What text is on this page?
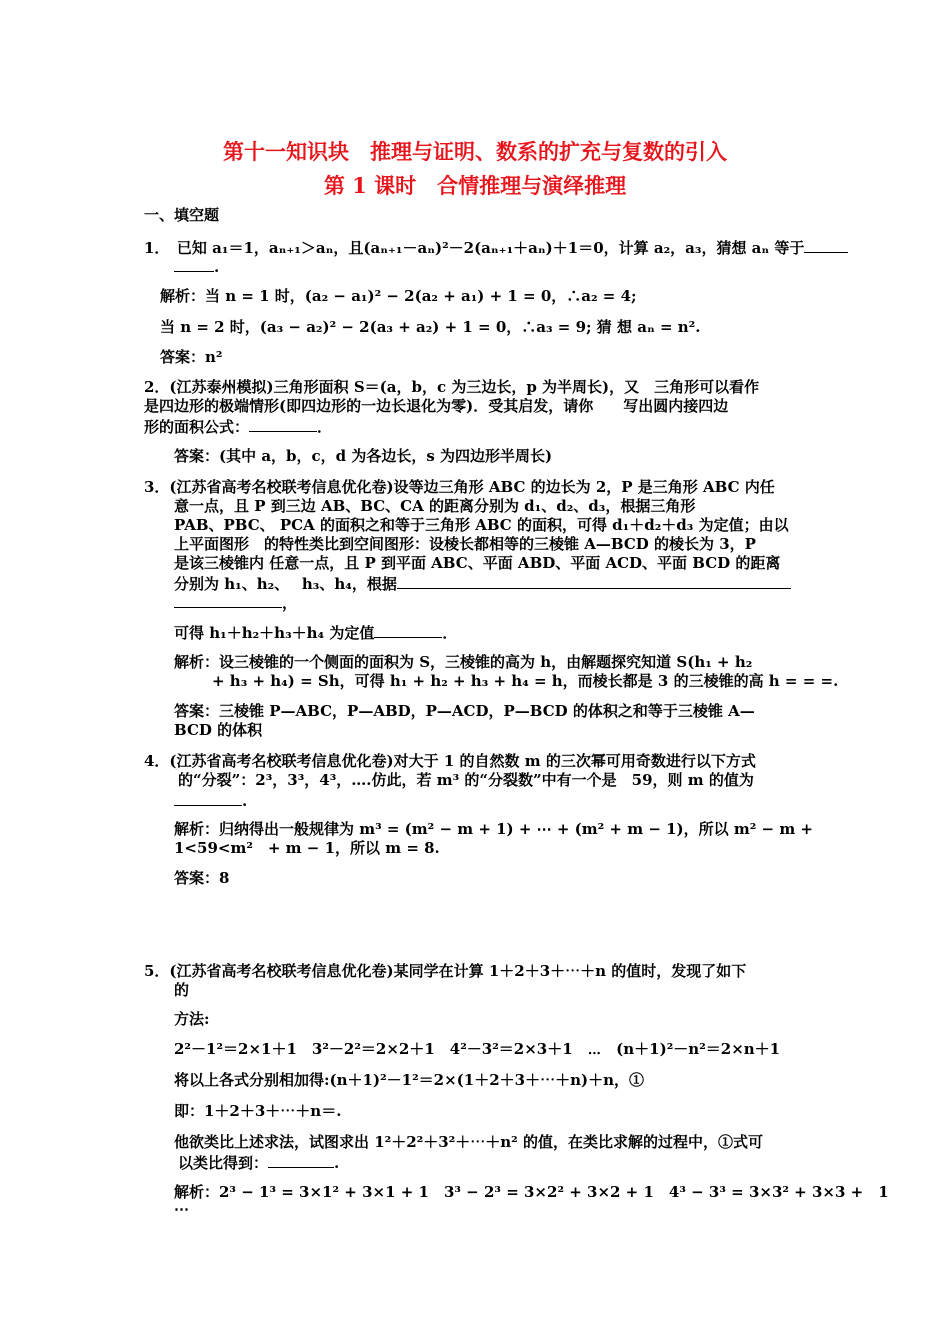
第十一知识块　推理与证明、数系的扩充与复数的引入
第 1 课时　合情推理与演绎推理
一、填空题
1．　已知 a₁＝1，aₙ₊₁＞aₙ，且(aₙ₊₁－aₙ)²－2(aₙ₊₁＋aₙ)＋1＝0，计算 a₂，a₃，猜想 aₙ 等于
.
解析：当 n = 1 时，(a₂ − a₁)² − 2(a₂ + a₁) + 1 = 0，∴a₂ = 4;
当 n = 2 时，(a₃ − a₂)² − 2(a₃ + a₂) + 1 = 0，∴a₃ = 9; 猜 想 aₙ = n².
答案：n²
2．(江苏泰州模拟)三角形面积 S＝(a，b，c 为三边长，p 为半周长)，又　三角形可以看作
是四边形的极端情形(即四边形的一边长退化为零)．受其启发，请你　　写出圆内接四边
形的面积公式：	．
答案：(其中 a，b，c，d 为各边长，s 为四边形半周长)
3．(江苏省高考名校联考信息优化卷)设等边三角形 ABC 的边长为 2，P 是三角形 ABC 内任
意一点，且 P 到三边 AB、BC、CA 的距离分别为 d₁、d₂、d₃，根据三角形
PAB、PBC、 PCA 的面积之和等于三角形 ABC 的面积，可得 d₁＋d₂＋d₃ 为定值；由以
上平面图形　的特性类比到空间图形：设棱长都相等的三棱锥 A—BCD 的棱长为 3，P
是该三棱锥内 任意一点，且 P 到平面 ABC、平面 ABD、平面 ACD、平面 BCD 的距离
分别为 h₁、h₂、　 h₃、h₄，根据
，
可得 h₁＋h₂＋h₃＋h₄ 为定值	．
解析：设三棱锥的一个侧面的面积为 S，三棱锥的高为 h，由解题探究知道 S(h₁ + h₂
+ h₃ + h₄) = Sh，可得 h₁ + h₂ + h₃ + h₄ = h，而棱长都是 3 的三棱锥的高 h = = =.
答案：三棱锥 P—ABC，P—ABD，P—ACD，P—BCD 的体积之和等于三棱锥 A—
BCD 的体积
4．(江苏省高考名校联考信息优化卷)对大于 1 的自然数 m 的三次幂可用奇数进行以下方式
的“分裂”：2³，3³，4³，….仿此，若 m³ 的“分裂数”中有一个是　59，则 m 的值为
.
解析：归纳得出一般规律为 m³ = (m² − m + 1) + ⋯ + (m² + m − 1)，所以 m² − m +
1<59<m²　+ m − 1，所以 m = 8.
答案：8
5．(江苏省高考名校联考信息优化卷)某同学在计算 1＋2＋3＋⋯＋n 的值时，发现了如下
的
方法:
2²－1²＝2×1＋1　3²－2²＝2×2＋1　4²－3²＝2×3＋1　⋯　(n＋1)²－n²＝2×n＋1
将以上各式分别相加得:(n＋1)²－1²＝2×(1＋2＋3＋⋯＋n)＋n，①
即：1＋2＋3＋⋯＋n＝.
他欲类比上述求法，试图求出 1²＋2²＋3²＋⋯＋n² 的值，在类比求解的过程中，①式可
以类比得到：	.
解析：2³ − 1³ = 3×1² + 3×1 + 1　3³ − 2³ = 3×2² + 3×2 + 1　4³ − 3³ = 3×3² + 3×3 +　1
⋯
